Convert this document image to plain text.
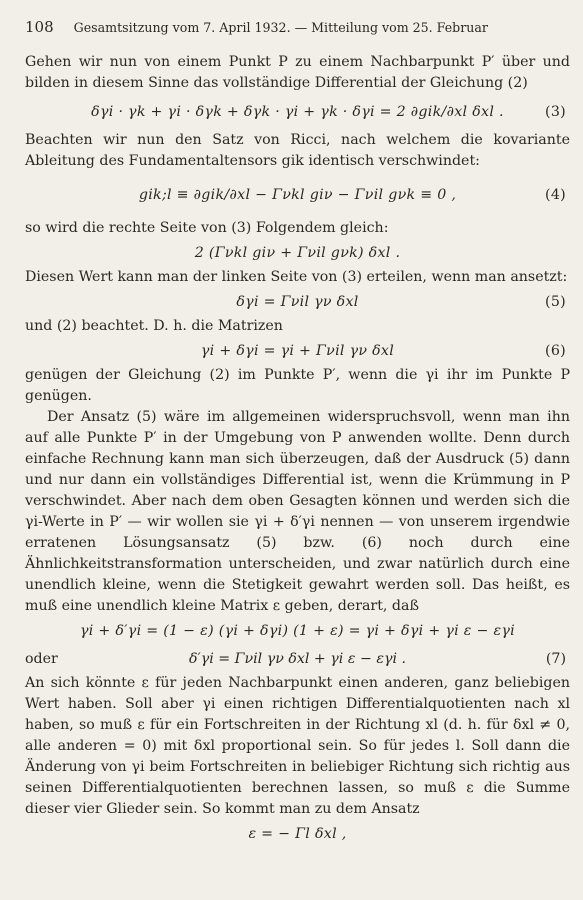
108 Gesamtsitzung vom 7. April 1932. — Mitteilung vom 25. Februar

Gehen wir nun von einem Punkt P zu einem Nachbarpunkt P′ über und bilden in diesem Sinne das vollständige Differential der Gleichung (2)

δγi · γk + γi · δγk + δγk · γi + γk · δγi = 2 ∂gik/∂xl δxl .	(3)

Beachten wir nun den Satz von Ricci, nach welchem die kovariante Ableitung des Fundamentaltensors gik identisch verschwindet:

gik;l ≡ ∂gik/∂xl − Γνkl giν − Γνil gνk ≡ 0 ,	(4)

so wird die rechte Seite von (3) Folgendem gleich:

2 (Γνkl giν + Γνil gνk) δxl .

Diesen Wert kann man der linken Seite von (3) erteilen, wenn man ansetzt:

δγi = Γνil γν δxl	(5)

und (2) beachtet. D. h. die Matrizen

γi + δγi = γi + Γνil γν δxl	(6)

genügen der Gleichung (2) im Punkte P′, wenn die γi ihr im Punkte P genügen.

Der Ansatz (5) wäre im allgemeinen widerspruchsvoll, wenn man ihn auf alle Punkte P′ in der Umgebung von P anwenden wollte. Denn durch einfache Rechnung kann man sich überzeugen, daß der Ausdruck (5) dann und nur dann ein vollständiges Differential ist, wenn die Krümmung in P verschwindet. Aber nach dem oben Gesagten können und werden sich die γi-Werte in P′ — wir wollen sie γi + δ′γi nennen — von unserem irgendwie erratenen Lösungsansatz (5) bzw. (6) noch durch eine Ähnlichkeitstransformation unterscheiden, und zwar natürlich durch eine unendlich kleine, wenn die Stetigkeit gewahrt werden soll. Das heißt, es muß eine unendlich kleine Matrix ε geben, derart, daß

γi + δ′γi = (1 − ε) (γi + δγi) (1 + ε) = γi + δγi + γi ε − εγi
oder	δ′γi = Γνil γν δxl + γi ε − εγi .	(7)

An sich könnte ε für jeden Nachbarpunkt einen anderen, ganz beliebigen Wert haben. Soll aber γi einen richtigen Differentialquotienten nach xl haben, so muß ε für ein Fortschreiten in der Richtung xl (d. h. für δxl ≠ 0, alle anderen = 0) mit δxl proportional sein. So für jedes l. Soll dann die Änderung von γi beim Fortschreiten in beliebiger Richtung sich richtig aus seinen Differentialquotienten berechnen lassen, so muß ε die Summe dieser vier Glieder sein. So kommt man zu dem Ansatz

ε = − Γl δxl ,
